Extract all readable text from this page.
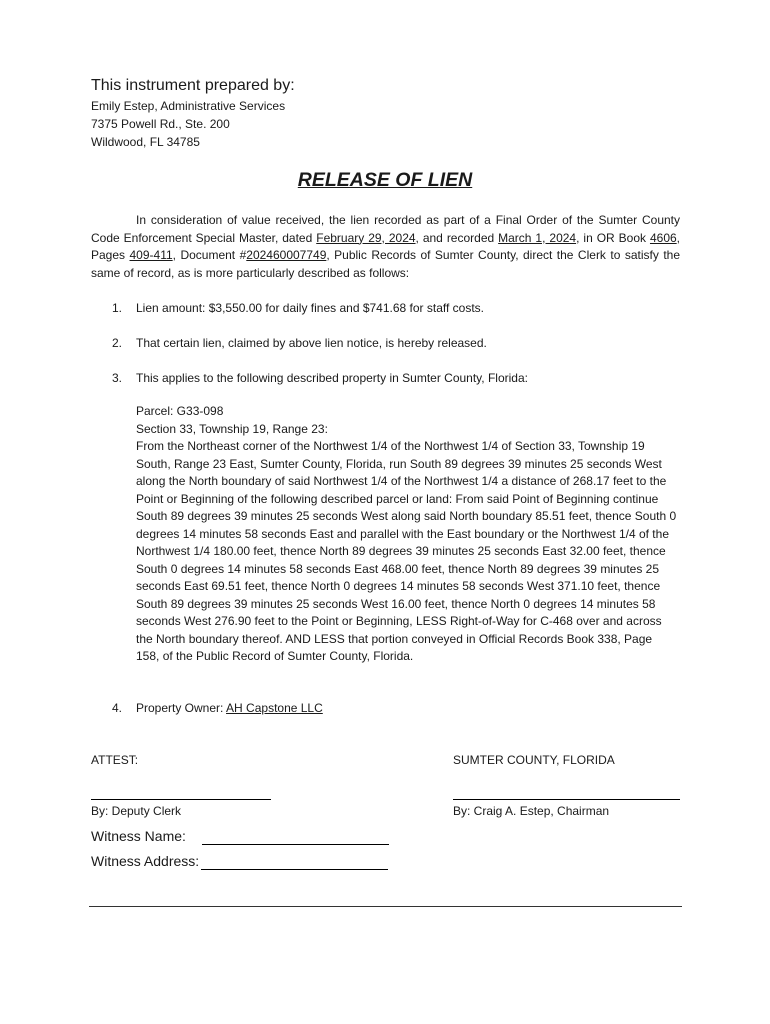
This instrument prepared by:
Emily Estep, Administrative Services
7375 Powell Rd., Ste. 200
Wildwood, FL 34785
RELEASE OF LIEN

In consideration of value received, the lien recorded as part of a Final Order of the Sumter County Code Enforcement Special Master, dated February 29, 2024, and recorded March 1, 2024, in OR Book 4606, Pages 409-411, Document #202460007749, Public Records of Sumter County, direct the Clerk to satisfy the same of record, as is more particularly described as follows:

1.	Lien amount: $3,550.00 for daily fines and $741.68 for staff costs.
2.	That certain lien, claimed by above lien notice, is hereby released.
3.	This applies to the following described property in Sumter County, Florida:
Parcel: G33-098
Section 33, Township 19, Range 23:
From the Northeast corner of the Northwest 1/4 of the Northwest 1/4 of Section 33, Township 19 South, Range 23 East, Sumter County, Florida, run South 89 degrees 39 minutes 25 seconds West along the North boundary of said Northwest 1/4 of the Northwest 1/4 a distance of 268.17 feet to the Point or Beginning of the following described parcel or land: From said Point of Beginning continue South 89 degrees 39 minutes 25 seconds West along said North boundary 85.51 feet, thence South 0 degrees 14 minutes 58 seconds East and parallel with the East boundary or the Northwest 1/4 of the Northwest 1/4 180.00 feet, thence North 89 degrees 39 minutes 25 seconds East 32.00 feet, thence South 0 degrees 14 minutes 58 seconds East 468.00 feet, thence North 89 degrees 39 minutes 25 seconds East 69.51 feet, thence North 0 degrees 14 minutes 58 seconds West 371.10 feet, thence South 89 degrees 39 minutes 25 seconds West 16.00 feet, thence North 0 degrees 14 minutes 58 seconds West 276.90 feet to the Point or Beginning, LESS Right-of-Way for C-468 over and across the North boundary thereof. AND LESS that portion conveyed in Official Records Book 338, Page 158, of the Public Record of Sumter County, Florida.
4.	Property Owner: AH Capstone LLC
ATTEST:	SUMTER COUNTY, FLORIDA
By: Deputy Clerk	By: Craig A. Estep, Chairman
Witness Name:
Witness Address:
